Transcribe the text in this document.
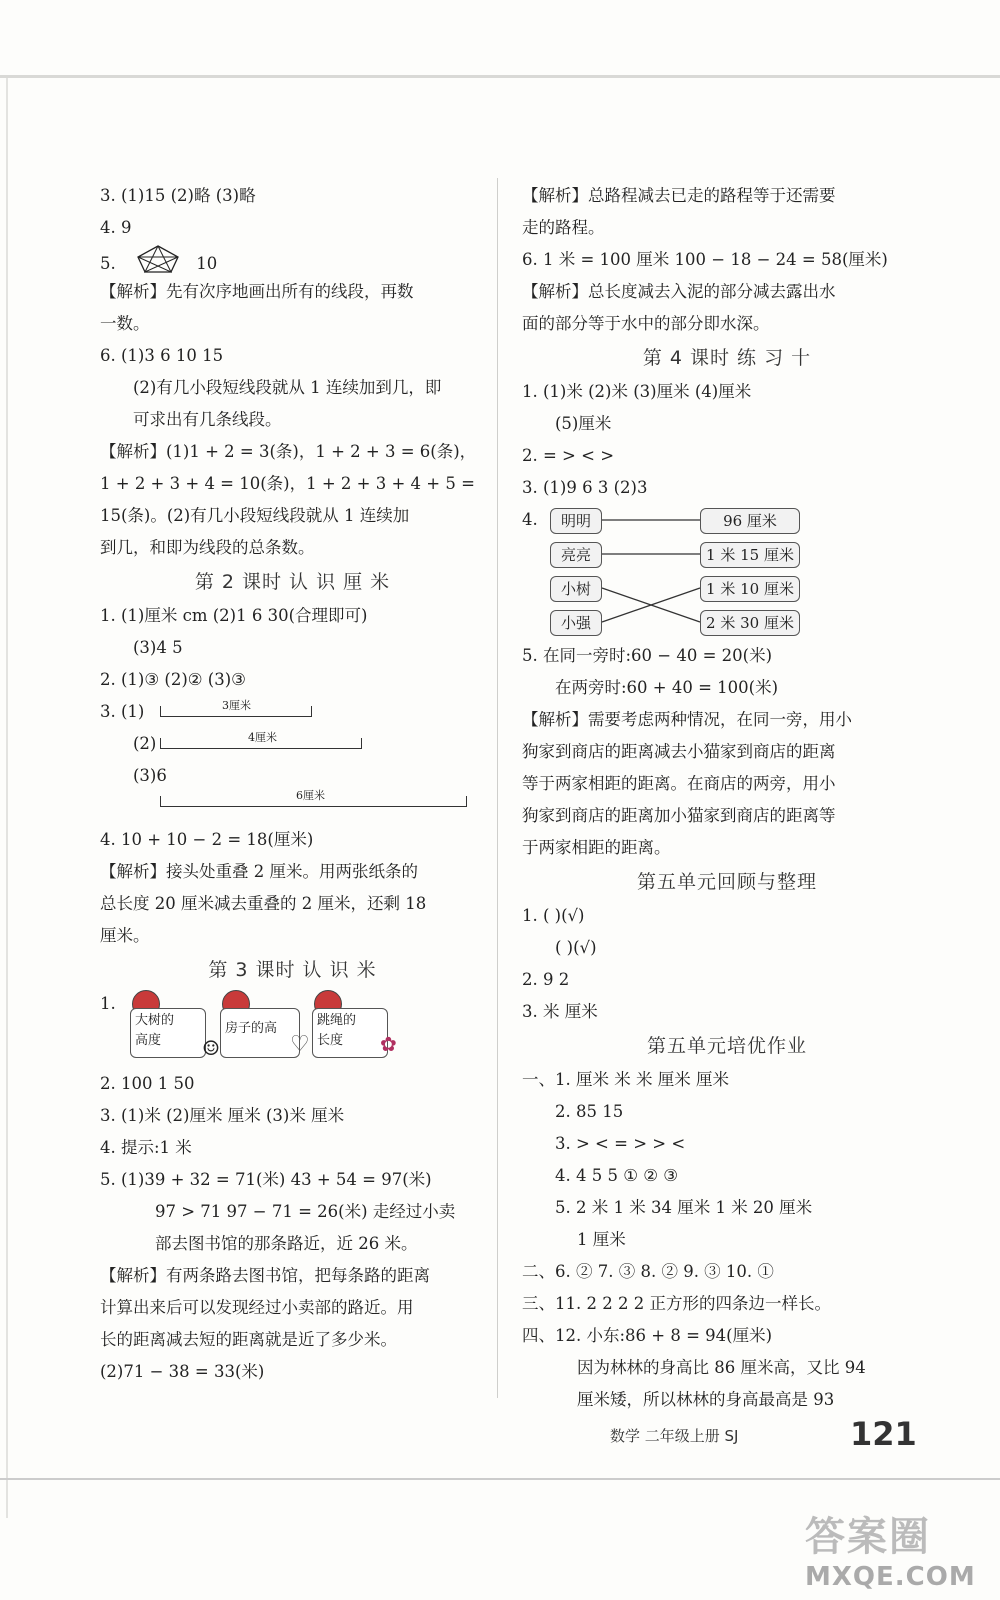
3. (1)15 (2)略 (3)略
4. 9
5.	10
【解析】先有次序地画出所有的线段，再数
一数。
6. (1)3 6 10 15
(2)有几小段短线段就从 1 连续加到几，即
可求出有几条线段。
【解析】(1)1 + 2 = 3(条)，1 + 2 + 3 = 6(条)，
1 + 2 + 3 + 4 = 10(条)，1 + 2 + 3 + 4 + 5 =
15(条)。(2)有几小段短线段就从 1 连续加
到几，和即为线段的总条数。
第 2 课时 认 识 厘 米
1. (1)厘米 cm (2)1 6 30(合理即可)
(3)4 5
2. (1)③ (2)② (3)③
3. (1)	3厘米
(2)	4厘米
(3)6
6厘米
4. 10 + 10 − 2 = 18(厘米)
【解析】接头处重叠 2 厘米。用两张纸条的
总长度 20 厘米减去重叠的 2 厘米，还剩 18
厘米。
第 3 课时 认 识 米
1.
大树的
高度	☺
房子的高
♡
跳绳的
长度	✿
2. 100 1 50
3. (1)米 (2)厘米 厘米 (3)米 厘米
4. 提示:1 米
5. (1)39 + 32 = 71(米) 43 + 54 = 97(米)
97 > 71 97 − 71 = 26(米) 走经过小卖
部去图书馆的那条路近，近 26 米。
【解析】有两条路去图书馆，把每条路的距离
计算出来后可以发现经过小卖部的路近。用
长的距离减去短的距离就是近了多少米。
(2)71 − 38 = 33(米)
【解析】总路程减去已走的路程等于还需要
走的路程。
6. 1 米 = 100 厘米 100 − 18 − 24 = 58(厘米)
【解析】总长度减去入泥的部分减去露出水
面的部分等于水中的部分即水深。
第 4 课时 练 习 十
1. (1)米 (2)米 (3)厘米 (4)厘米
(5)厘米
2. = > < >
3. (1)9 6 3 (2)3
4.	明明
亮亮
小树
小强
96 厘米
1 米 15 厘米
1 米 10 厘米
2 米 30 厘米
5. 在同一旁时:60 − 40 = 20(米)
在两旁时:60 + 40 = 100(米)
【解析】需要考虑两种情况，在同一旁，用小
狗家到商店的距离减去小猫家到商店的距离
等于两家相距的距离。在商店的两旁，用小
狗家到商店的距离加小猫家到商店的距离等
于两家相距的距离。
第五单元回顾与整理
1. ( )(√)
( )(√)
2. 9 2
3. 米 厘米
第五单元培优作业
一、1. 厘米 米 米 厘米 厘米
2. 85 15
3. > < = > > <
4. 4 5 5 ① ② ③
5. 2 米 1 米 34 厘米 1 米 20 厘米
1 厘米
二、6. ② 7. ③ 8. ② 9. ③ 10. ①
三、11. 2 2 2 2 正方形的四条边一样长。
四、12. 小东:86 + 8 = 94(厘米)
因为林林的身高比 86 厘米高，又比 94
厘米矮，所以林林的身高最高是 93
数学 二年级上册 SJ	121
答案圈
MXQE.COM
